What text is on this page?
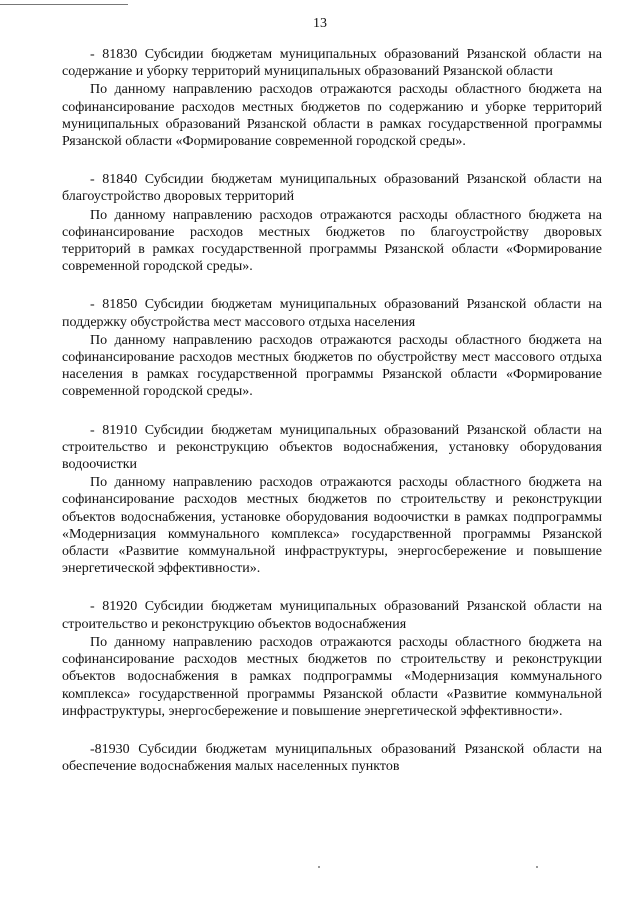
13

- 81830 Субсидии бюджетам муниципальных образований Рязанской области на содержание и уборку территорий муниципальных образований Рязанской области

По данному направлению расходов отражаются расходы областного бюджета на софинансирование расходов местных бюджетов по содержанию и уборке территорий муниципальных образований Рязанской области в рамках государственной программы Рязанской области «Формирование современной городской среды».

- 81840 Субсидии бюджетам муниципальных образований Рязанской области на благоустройство дворовых территорий

По данному направлению расходов отражаются расходы областного бюджета на софинансирование расходов местных бюджетов по благоустройству дворовых территорий в рамках государственной программы Рязанской области «Формирование современной городской среды».

- 81850 Субсидии бюджетам муниципальных образований Рязанской области на поддержку обустройства мест массового отдыха населения

По данному направлению расходов отражаются расходы областного бюджета на софинансирование расходов местных бюджетов по обустройству мест массового отдыха населения в рамках государственной программы Рязанской области «Формирование современной городской среды».

- 81910 Субсидии бюджетам муниципальных образований Рязанской области на строительство и реконструкцию объектов водоснабжения, установку оборудования водоочистки

По данному направлению расходов отражаются расходы областного бюджета на софинансирование расходов местных бюджетов по строительству и реконструкции объектов водоснабжения, установке оборудования водоочистки в рамках подпрограммы «Модернизация коммунального комплекса» государственной программы Рязанской области «Развитие коммунальной инфраструктуры, энергосбережение и повышение энергетической эффективности».

- 81920 Субсидии бюджетам муниципальных образований Рязанской области на строительство и реконструкцию объектов водоснабжения

По данному направлению расходов отражаются расходы областного бюджета на софинансирование расходов местных бюджетов по строительству и реконструкции объектов водоснабжения в рамках подпрограммы «Модернизация коммунального комплекса» государственной программы Рязанской области «Развитие коммунальной инфраструктуры, энергосбережение и повышение энергетической эффективности».

-81930 Субсидии бюджетам муниципальных образований Рязанской области на обеспечение водоснабжения малых населенных пунктов
